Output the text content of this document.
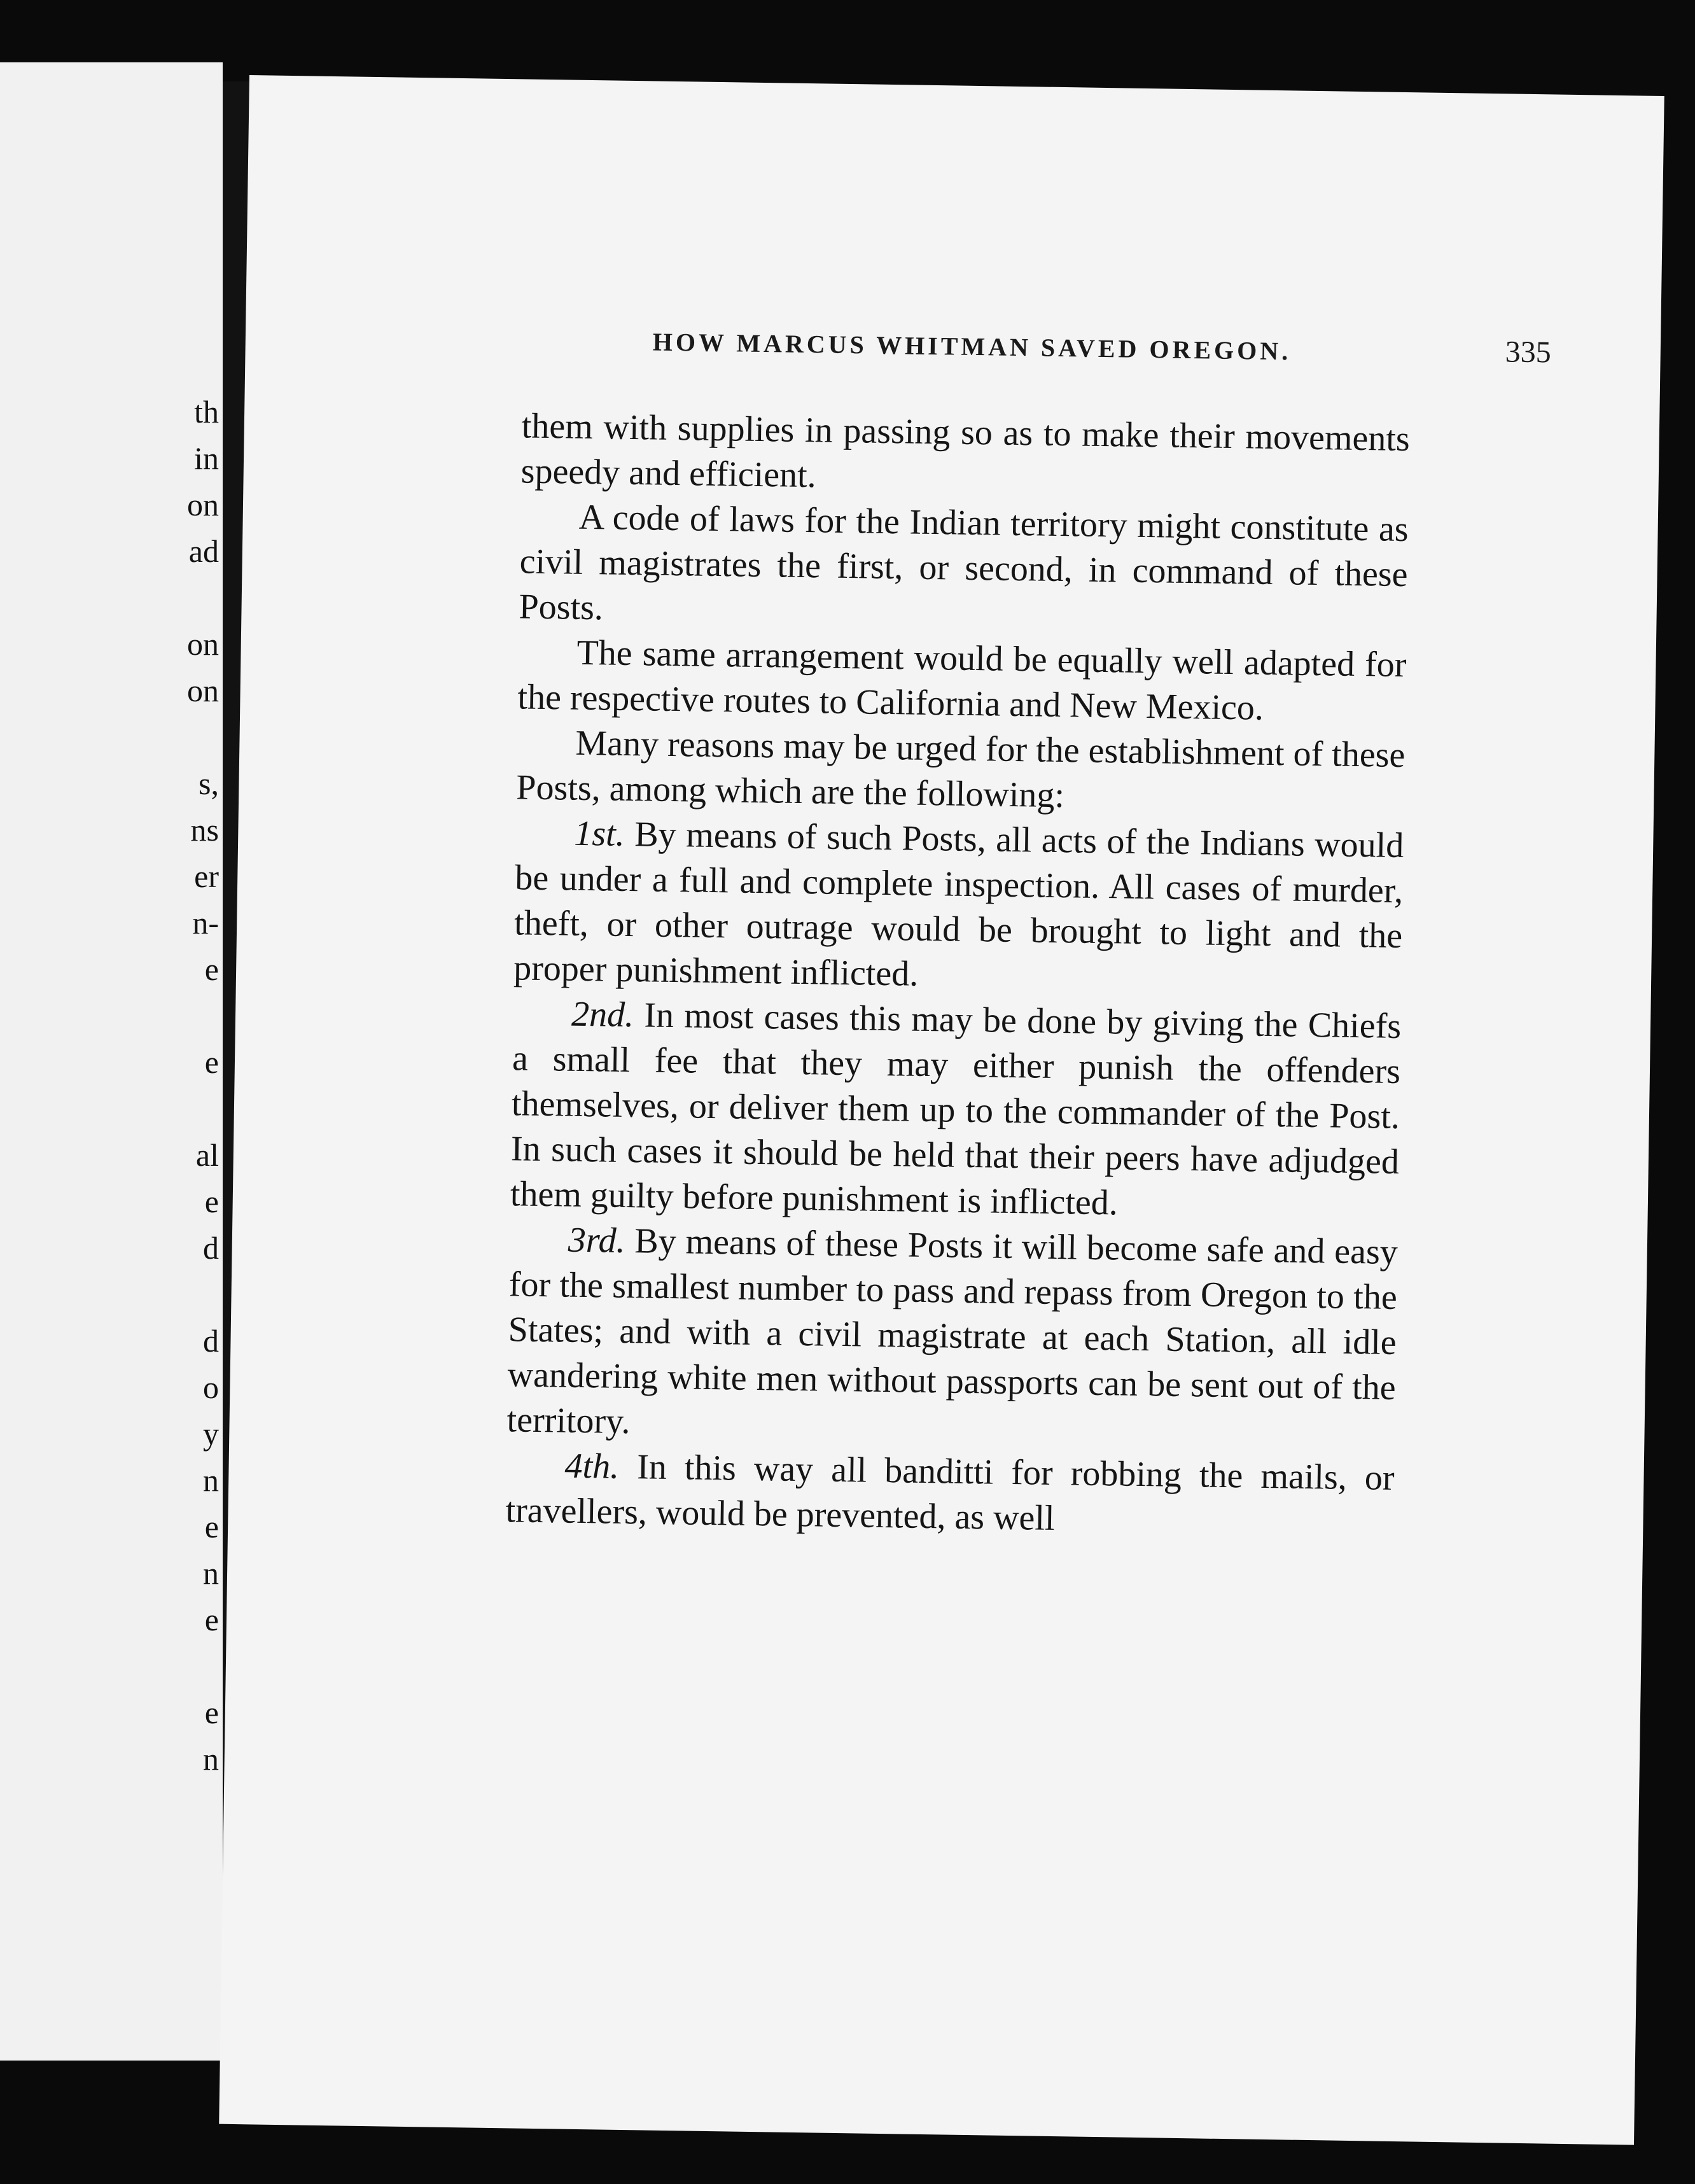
th
in
on
ad
on
on
s,
ns
er
n-
e
e
al
e
d
d
o
y
n
e
n
e
e
n
HOW MARCUS WHITMAN SAVED OREGON.	335

them with supplies in passing so as to make their movements speedy and efficient.

A code of laws for the Indian territory might constitute as civil magistrates the first, or second, in command of these Posts.

The same arrangement would be equally well adapted for the respective routes to California and New Mexico.

Many reasons may be urged for the establishment of these Posts, among which are the following:

1st. By means of such Posts, all acts of the Indians would be under a full and complete inspection. All cases of murder, theft, or other outrage would be brought to light and the proper punishment inflicted.

2nd. In most cases this may be done by giving the Chiefs a small fee that they may either punish the offenders themselves, or deliver them up to the commander of the Post. In such cases it should be held that their peers have adjudged them guilty before punishment is inflicted.

3rd. By means of these Posts it will become safe and easy for the smallest number to pass and repass from Oregon to the States; and with a civil magistrate at each Station, all idle wandering white men without passports can be sent out of the territory.

4th. In this way all banditti for robbing the mails, or travellers, would be prevented, as well
